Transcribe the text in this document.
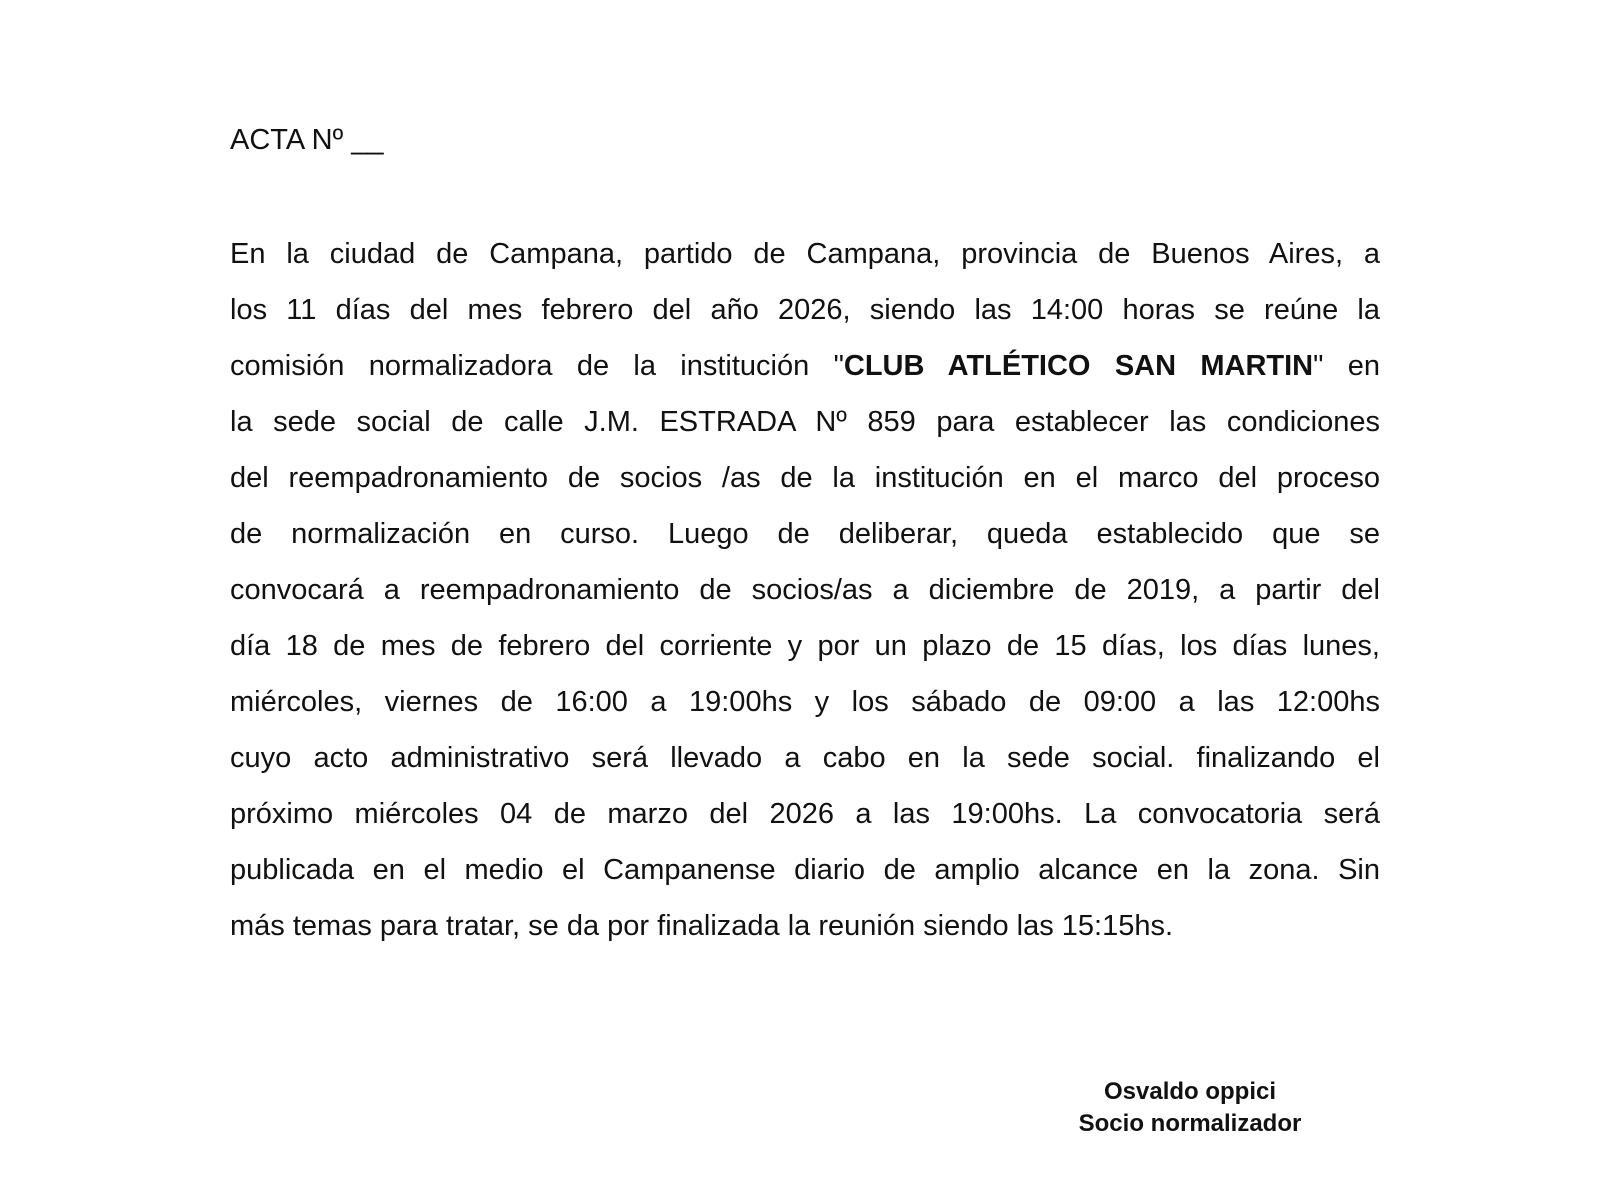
ACTA Nº __
En la ciudad de Campana, partido de Campana, provincia de Buenos Aires, a
los 11 días del mes febrero del año 2026, siendo las 14:00 horas se reúne la
comisión normalizadora de la institución "CLUB ATLÉTICO SAN MARTIN" en
la sede social de calle J.M. ESTRADA Nº 859 para establecer las condiciones
del reempadronamiento de socios /as de la institución en el marco del proceso
de normalización en curso. Luego de deliberar, queda establecido que se
convocará a reempadronamiento de socios/as a diciembre de 2019, a partir del
día 18 de mes de febrero del corriente y por un plazo de 15 días, los días lunes,
miércoles, viernes de 16:00 a 19:00hs y los sábado de 09:00 a las 12:00hs
cuyo acto administrativo será llevado a cabo en la sede social. finalizando el
próximo miércoles 04 de marzo del 2026 a las 19:00hs. La convocatoria será
publicada en el medio el Campanense diario de amplio alcance en la zona. Sin
más temas para tratar, se da por finalizada la reunión siendo las 15:15hs.
Osvaldo oppici
Socio normalizador
